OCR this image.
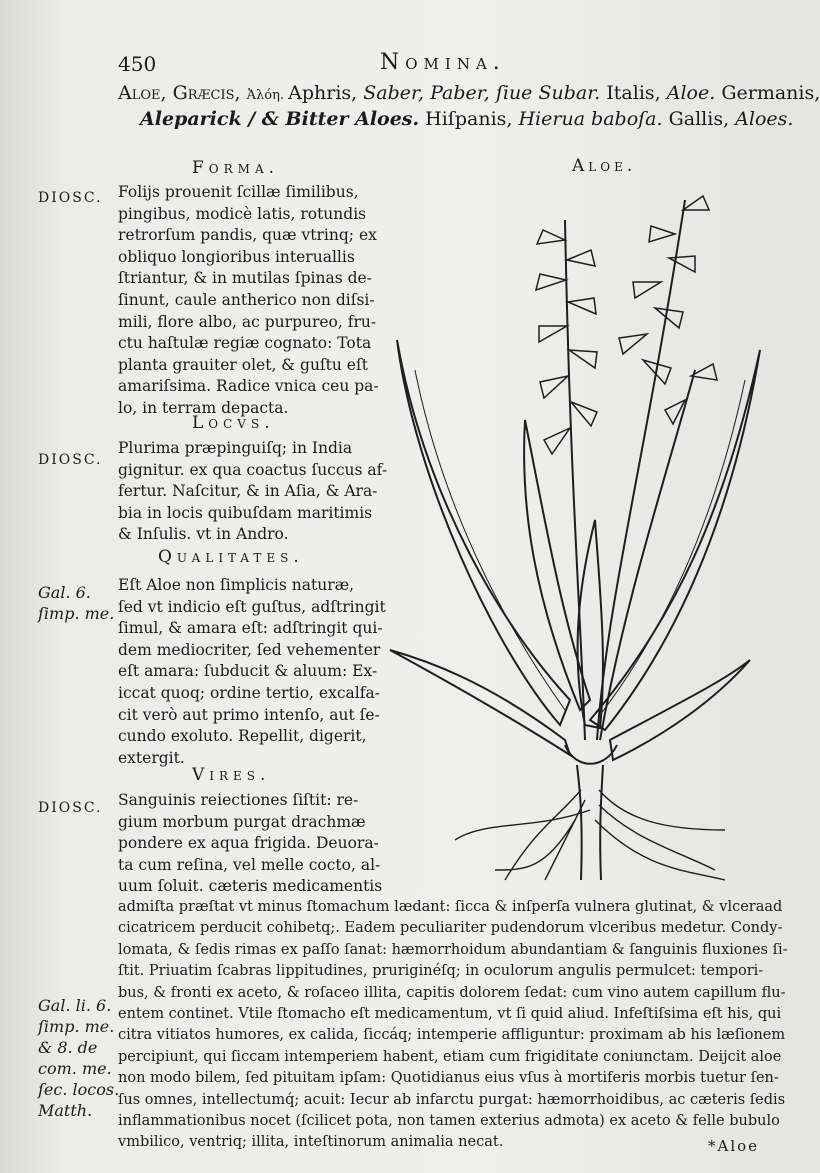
450	Nomina.
Aloe, Græcis, Ἀλόη. Aphris, Saber, Paber, ſiue Subar. Italis, Aloe. Germanis,
Aleparick / & Bitter Aloes. Hiſpanis, Hierua baboſa. Gallis, Aloes.
Forma.
DIOSC. Folijs prouenit ſcillæ ſimilibus,
pingibus, modicè latis, rotundis
retrorſum pandis, quæ vtrinq; ex
obliquo longioribus interuallis
ſtriantur, & in mutilas ſpinas de-
ſinunt, caule antherico non diſsi-
mili, flore albo, ac purpureo, fru-
ctu haſtulæ regiæ cognato: Tota
planta grauiter olet, & guſtu eſt
amariſsima. Radice vnica ceu pa-
lo, in terram depacta.
Locvs.
DIOSC.
Plurima præpinguiſq; in India
gignitur. ex qua coactus ſuccus af-
fertur. Naſcitur, & in Aſia, & Ara-
bia in locis quibuſdam maritimis
& Inſulis. vt in Andro.
Qualitates.
Gal. 6.
ſimp. me.
Eſt Aloe non ſimplicis naturæ,
ſed vt indicio eſt guſtus, adſtringit
ſimul, & amara eſt: adſtringit qui-
dem mediocriter, ſed vehementer
eſt amara: ſubducit & aluum: Ex-
iccat quoq; ordine tertio, excalfa-
cit verò aut primo intenſo, aut ſe-
cundo exoluto. Repellit, digerit,
extergit.
Vires.
DIOSC. Sanguinis reiectiones ſiſtit: re-
gium morbum purgat drachmæ
pondere ex aqua frigida. Deuora-
ta cum reſina, vel melle cocto, al-
uum ſoluit. cæteris medicamentis
admiſta præſtat vt minus ſtomachum lædant: ſicca & inſperſa vulnera glutinat, & vlceraad
cicatricem perducit cohibetq;. Eadem peculiariter pudendorum vlceribus medetur. Condy-
lomata, & ſedis rimas ex paſſo ſanat: hæmorrhoidum abundantiam & ſanguinis fluxiones ſi-
ſtit. Priuatim ſcabras lippitudines, pruriginéſq; in oculorum angulis permulcet: tempori-
bus, & fronti ex aceto, & roſaceo illita, capitis dolorem ſedat: cum vino autem capillum flu-
entem continet. Vtile ſtomacho eſt medicamentum, vt ſi quid aliud. Infeſtiſsima eſt his, qui
citra vitiatos humores, ex calida, ſiccáq; intemperie affliguntur: proximam ab his læſionem
percipiunt, qui ſiccam intemperiem habent, etiam cum frigiditate coniunctam. Deijcit aloe
non modo bilem, ſed pituitam ipſam: Quotidianus eius vſus à mortiferis morbis tuetur ſen-
ſus omnes, intellectumq́; acuit: Iecur ab infarctu purgat: hæmorrhoidibus, ac cæteris ſedis
inflammationibus nocet (ſcilicet pota, non tamen exterius admota) ex aceto & felle bubulo
vmbilico, ventriq; illita, inteſtinorum animalia necat.
Gal. li. 6.
ſimp. me.
& 8. de
com. me.
ſec. locos.
Matth.
Aloe.
*Aloe
